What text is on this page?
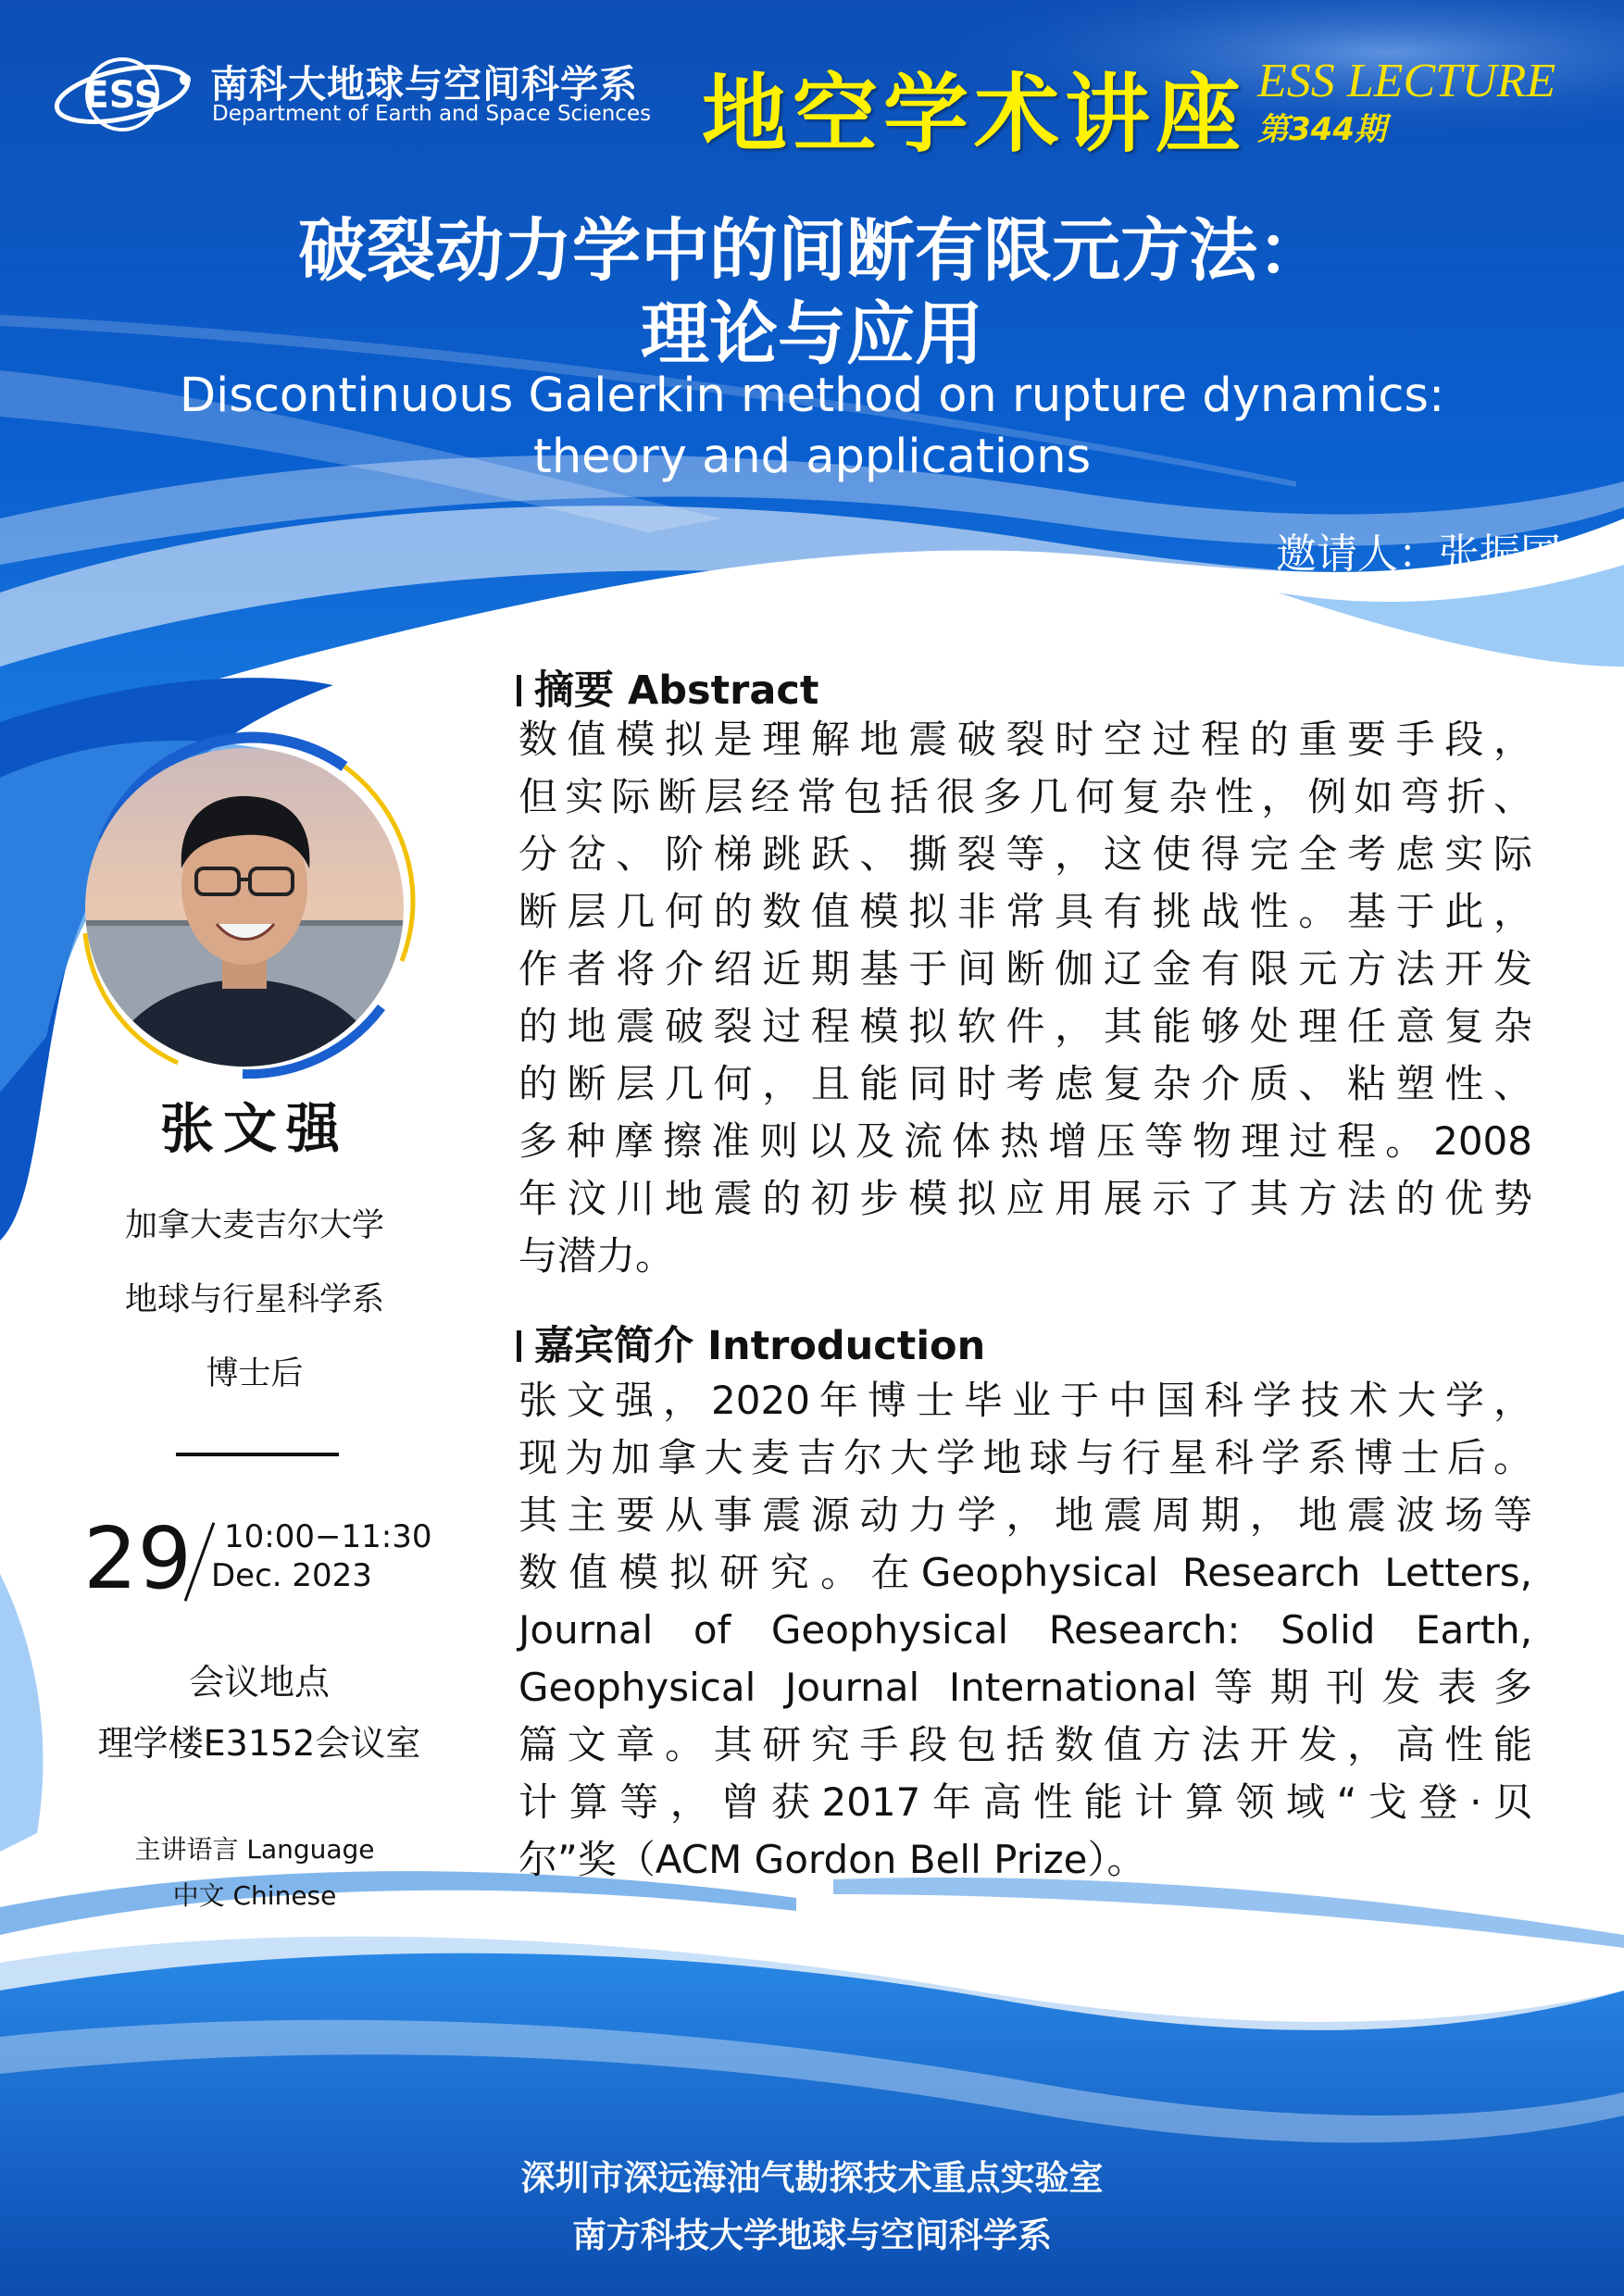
ESS 南科大地球与空间科学系
Department of Earth and Space Sciences 地空学术讲座 ESS LECTURE
第344期
破裂动力学中的间断有限元方法：
理论与应用
Discontinuous Galerkin method on rupture dynamics:
theory and applications
邀请人：张振国
张文强
加拿大麦吉尔大学
地球与行星科学系
博士后
29 10:00−11:30
Dec. 2023
会议地点
理学楼E3152会议室
主讲语言 Language
中文 Chinese
摘要 Abstract
数值模拟是理解地震破裂时空过程的重要手段，
但实际断层经常包括很多几何复杂性，例如弯折、
分岔、阶梯跳跃、撕裂等，这使得完全考虑实际
断层几何的数值模拟非常具有挑战性。基于此，
作者将介绍近期基于间断伽辽金有限元方法开发
的地震破裂过程模拟软件，其能够处理任意复杂
的断层几何，且能同时考虑复杂介质、粘塑性、
多种摩擦准则以及流体热增压等物理过程。2008
年汶川地震的初步模拟应用展示了其方法的优势
与潜力。
嘉宾简介 Introduction
张文强，2020年博士毕业于中国科学技术大学，
现为加拿大麦吉尔大学地球与行星科学系博士后。
其主要从事震源动力学，地震周期，地震波场等
数值模拟研究。在Geophysical Research Letters,
Journal of Geophysical Research: Solid Earth,
Geophysical Journal International等期刊发表多
篇文章。其研究手段包括数值方法开发，高性能
计算等，曾获2017年高性能计算领域“戈登·贝
尔”奖（ACM Gordon Bell Prize）。
深圳市深远海油气勘探技术重点实验室
南方科技大学地球与空间科学系
